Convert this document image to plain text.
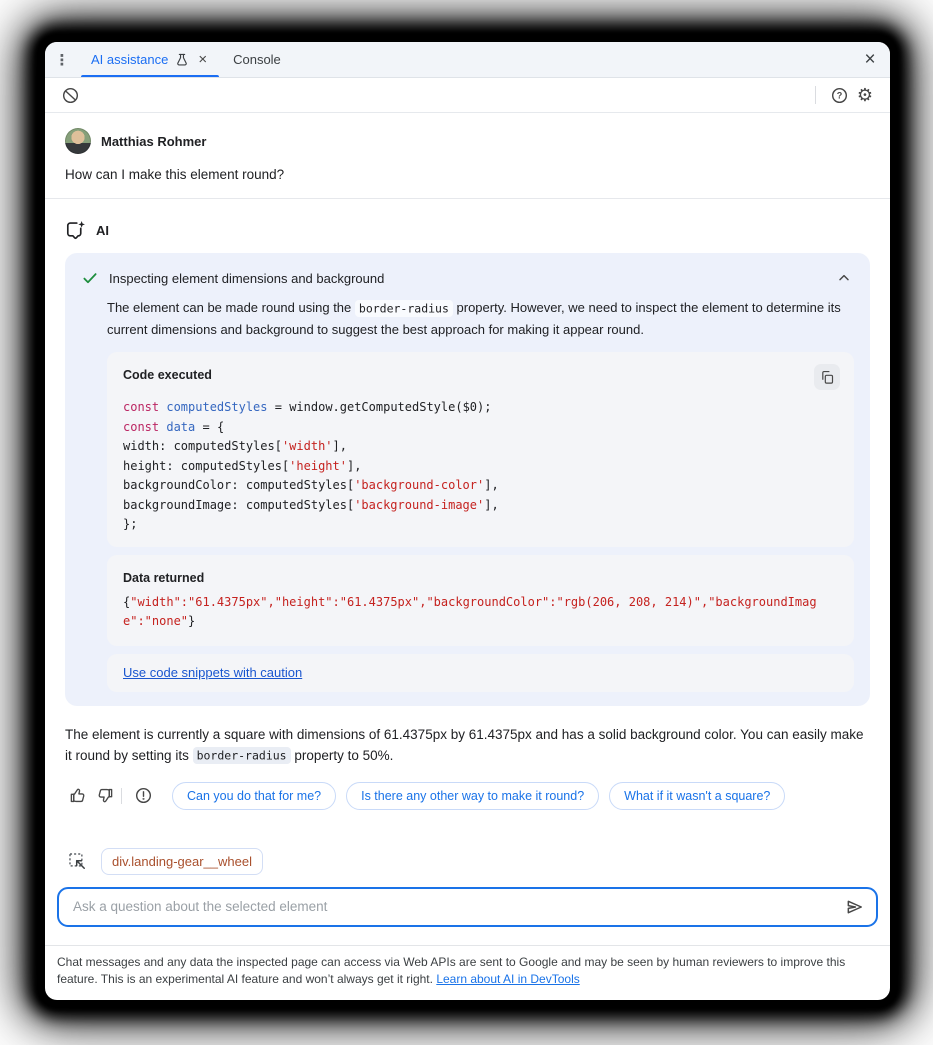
⋮	AI assistance × Console	×
? ⚙
Matthias Rohmer
How can I make this element round?
AI
Inspecting element dimensions and background

The element can be made round using the border-radius property. However, we need to inspect the element to determine its current dimensions and background to suggest the best approach for making it appear round.

Code executed
const computedStyles = window.getComputedStyle($0);
const data = {
width: computedStyles['width'],
height: computedStyles['height'],
backgroundColor: computedStyles['background-color'],
backgroundImage: computedStyles['background-image'],
};
Data returned
{"width":"61.4375px","height":"61.4375px","backgroundColor":"rgb(206, 208, 214)","backgroundImage":"none"}
Use code snippets with caution

The element is currently a square with dimensions of 61.4375px by 61.4375px and has a solid background color. You can easily make it round by setting its border-radius property to 50%.

Can you do that for me?	Is there any other way to make it round?	What if it wasn't a square?
div.landing-gear__wheel
Ask a question about the selected element
Chat messages and any data the inspected page can access via Web APIs are sent to Google and may be seen by human reviewers to improve this feature. This is an experimental AI feature and won’t always get it right. Learn about AI in DevTools
